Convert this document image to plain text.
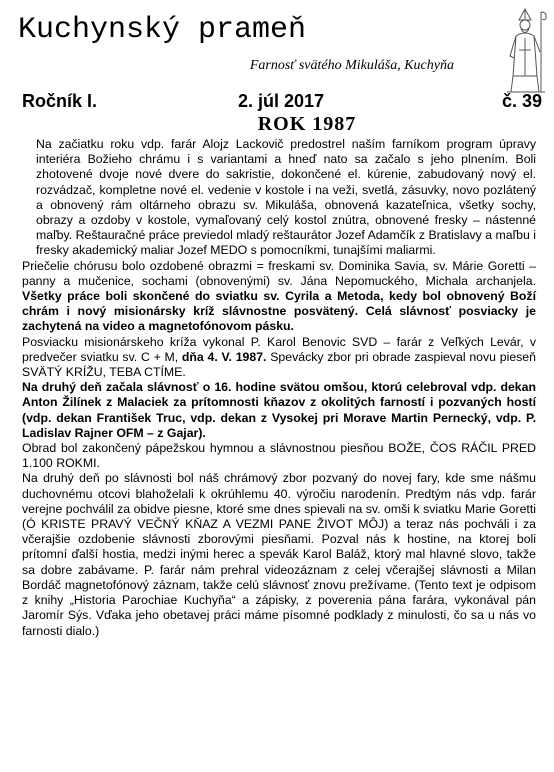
Kuchynský prameň
Farnosť svätého Mikuláša, Kuchyňa
Ročník I.	2. júl 2017	č. 39
ROK 1987

Na začiatku roku vdp. farár Alojz Lackovič predostrel naším farníkom program úpravy interiéra Božieho chrámu i s variantami a hneď nato sa začalo s jeho plnením. Boli zhotovené dvoje nové dvere do sakristie, dokončené el. kúrenie, zabudovaný nový el. rozvádzač, kompletne nové el. vedenie v kostole i na veži, svetlá, zásuvky, novo pozlátený a obnovený rám oltárneho obrazu sv. Mikuláša, obnovená kazateľnica, všetky sochy, obrazy a ozdoby v kostole, vymaľovaný celý kostol znútra, obnovené fresky – nástenné maľby. Reštauračné práce previedol mladý reštaurátor Jozef Adamčík z Bratislavy a maľbu i fresky akademický maliar Jozef MEDO s pomocníkmi, tunajšími maliarmi.

Priečelie chórusu bolo ozdobené obrazmi = freskami sv. Dominika Savia, sv. Márie Goretti – panny a mučenice, sochami (obnovenými) sv. Jána Nepomuckého, Michala archanjela. Všetky práce boli skončené do sviatku sv. Cyrila a Metoda, kedy bol obnovený Boží chrám i nový misionársky kríž slávnostne posvätený. Celá slávnosť posviacky je zachytená na video a magnetofónovom pásku.

Posviacku misionárskeho kríža vykonal P. Karol Benovic SVD – farár z Veľkých Levár, v predvečer sviatku sv. C + M, dňa 4. V. 1987. Spevácky zbor pri obrade zaspieval novu pieseň SVÄTÝ KRÍŽU, TEBA CTÍME.

Na druhý deň začala slávnosť o 16. hodine svätou omšou, ktorú celebroval vdp. dekan Anton Žilínek z Malaciek za prítomnosti kňazov z okolitých farností i pozvaných hostí (vdp. dekan František Truc, vdp. dekan z Vysokej pri Morave Martin Pernecký, vdp. P. Ladislav Rajner OFM – z Gajar).

Obrad bol zakončený pápežskou hymnou a slávnostnou piesňou BOŽE, ČOS RÁČIL PRED 1.100 ROKMI.

Na druhý deň po slávnosti bol náš chrámový zbor pozvaný do novej fary, kde sme nášmu duchovnému otcovi blahoželali k okrúhlemu 40. výročiu narodenín. Predtým nás vdp. farár verejne pochválil za obidve piesne, ktoré sme dnes spievali na sv. omši k sviatku Marie Goretti (Ó KRISTE PRAVÝ VEČNÝ KŇAZ A VEZMI PANE ŽIVOT MÔJ) a teraz nás pochváli i za včerajšie ozdobenie slávnosti zborovými piesňami. Pozval nás k hostine, na ktorej boli prítomní ďalší hostia, medzi inými herec a spevák Karol Baláž, ktorý mal hlavné slovo, takže sa dobre zabávame. P. farár nám prehral videozáznam z celej včerajšej slávnosti a Milan Bordáč magnetofónový záznam, takže celú slávnosť znovu prežívame. (Tento text je odpisom z knihy „Historia Parochiae Kuchyňa“ a zápisky, z poverenia pána farára, vykonával pán Jaromír Sýs. Vďaka jeho obetavej práci máme písomné podklady z minulosti, čo sa u nás vo farnosti dialo.)
